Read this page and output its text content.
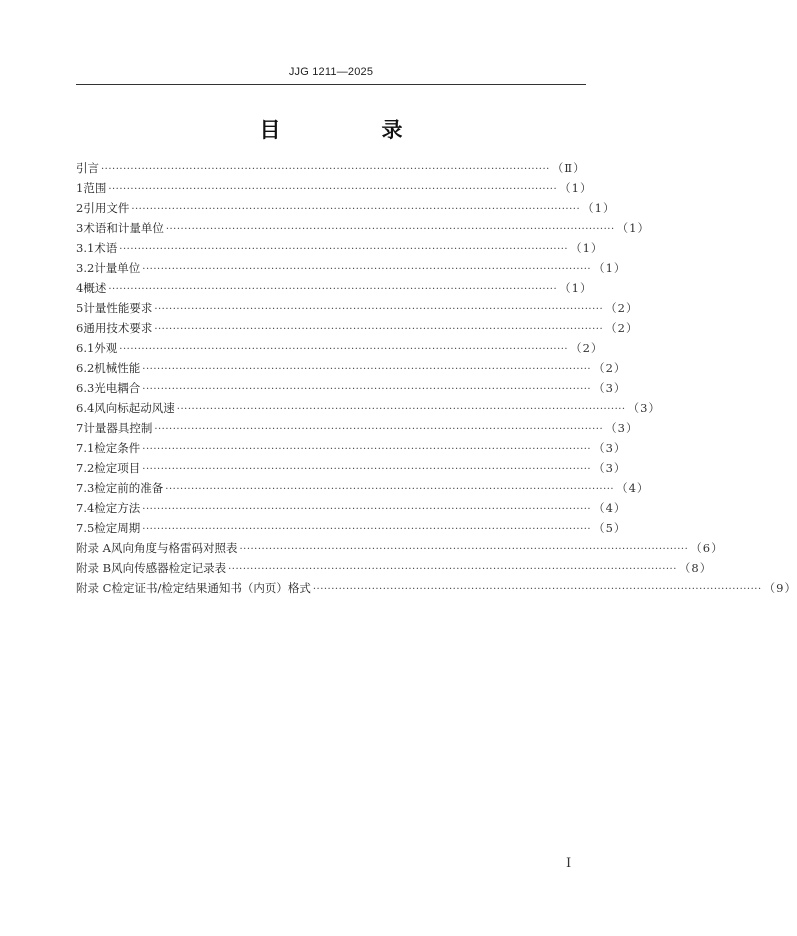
JJG 1211—2025
目　录
引言 ·························································································································· （Ⅱ）
1 范围 ·························································································································· （1）
2 引用文件 ·························································································································· （1）
3 术语和计量单位 ·························································································································· （1）
3.1 术语 ·························································································································· （1）
3.2 计量单位 ·························································································································· （1）
4 概述 ·························································································································· （1）
5 计量性能要求 ·························································································································· （2）
6 通用技术要求 ·························································································································· （2）
6.1 外观 ·························································································································· （2）
6.2 机械性能 ·························································································································· （2）
6.3 光电耦合 ·························································································································· （3）
6.4 风向标起动风速 ·························································································································· （3）
7 计量器具控制 ·························································································································· （3）
7.1 检定条件 ·························································································································· （3）
7.2 检定项目 ·························································································································· （3）
7.3 检定前的准备 ·························································································································· （4）
7.4 检定方法 ·························································································································· （4）
7.5 检定周期 ·························································································································· （5）
附录 A 风向角度与格雷码对照表 ·························································································································· （6）
附录 B 风向传感器检定记录表 ·························································································································· （8）
附录 C 检定证书/检定结果通知书（内页）格式 ·························································································································· （9）
I
